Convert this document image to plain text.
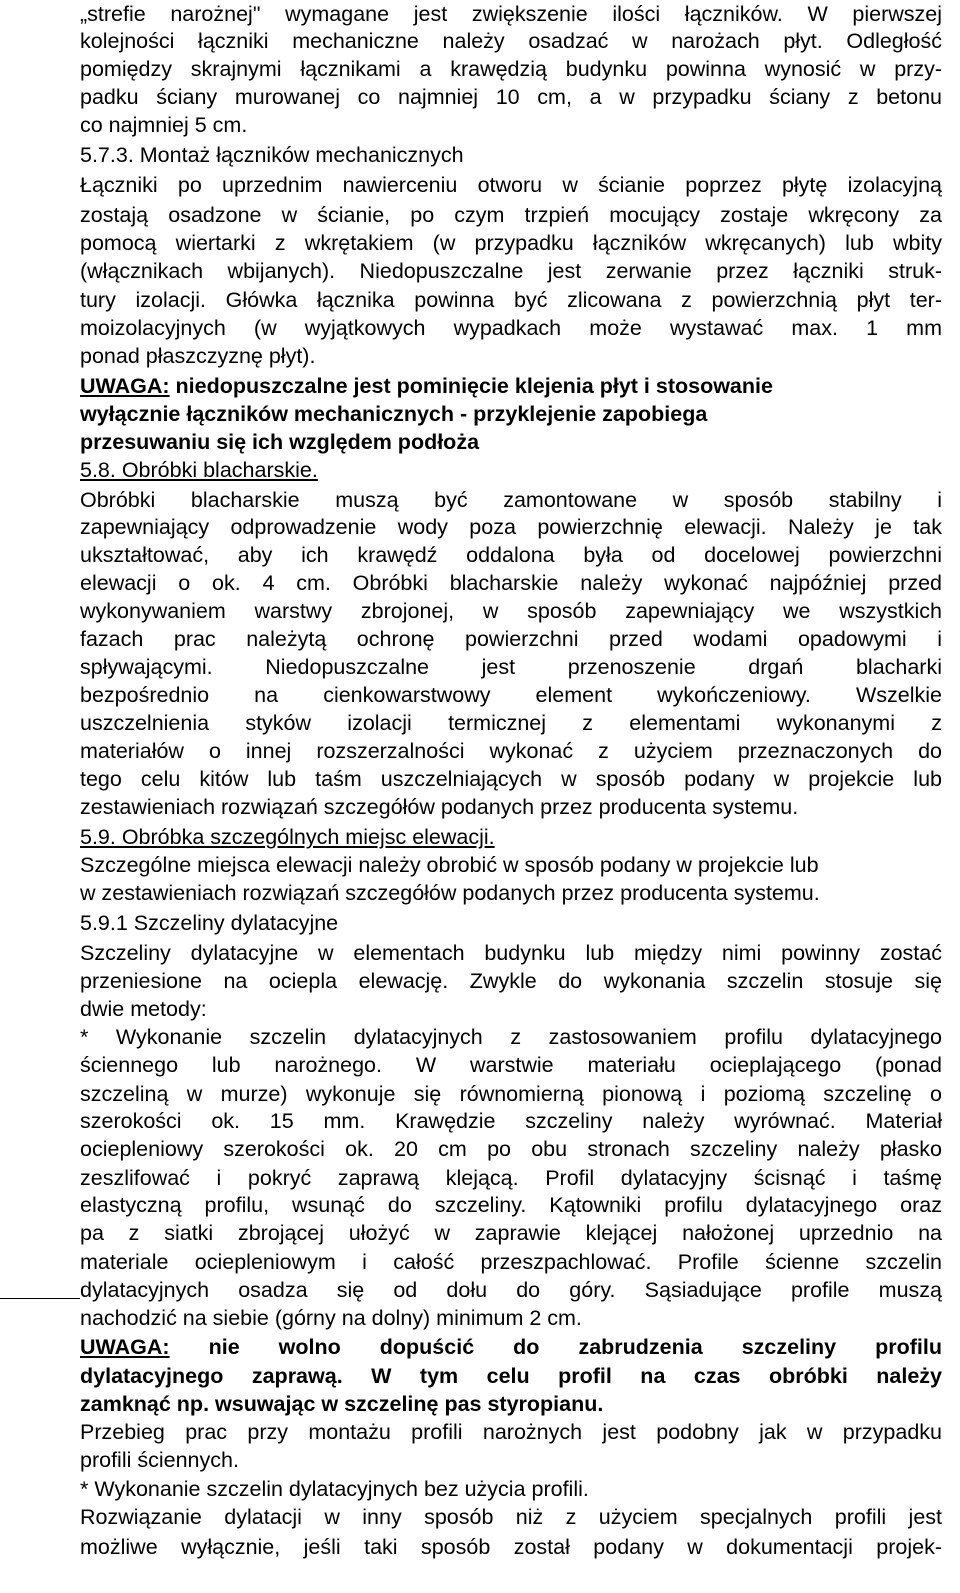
„strefie narożnej" wymagane jest zwiększenie ilości łączników. W pierwszej
kolejności łączniki mechaniczne należy osadzać w narożach płyt. Odległość
pomiędzy skrajnymi łącznikami a krawędzią budynku powinna wynosić w przy-
padku ściany murowanej co najmniej 10 cm, a w przypadku ściany z betonu
co najmniej 5 cm.
5.7.3. Montaż łączników mechanicznych
Łączniki po uprzednim nawierceniu otworu w ścianie poprzez płytę izolacyjną
zostają osadzone w ścianie, po czym trzpień mocujący zostaje wkręcony za
pomocą wiertarki z wkrętakiem (w przypadku łączników wkręcanych) lub wbity
(włącznikach wbijanych). Niedopuszczalne jest zerwanie przez łączniki struk-
tury izolacji. Główka łącznika powinna być zlicowana z powierzchnią płyt ter-
moizolacyjnych (w wyjątkowych wypadkach może wystawać max. 1 mm
ponad płaszczyznę płyt).
UWAGA: niedopuszczalne jest pominięcie klejenia płyt i stosowanie
wyłącznie łączników mechanicznych - przyklejenie zapobiega
przesuwaniu się ich względem podłoża
5.8. Obróbki blacharskie.
Obróbki blacharskie muszą być zamontowane w sposób stabilny i
zapewniający odprowadzenie wody poza powierzchnię elewacji. Należy je tak
ukształtować, aby ich krawędź oddalona była od docelowej powierzchni
elewacji o ok. 4 cm. Obróbki blacharskie należy wykonać najpóźniej przed
wykonywaniem warstwy zbrojonej, w sposób zapewniający we wszystkich
fazach prac należytą ochronę powierzchni przed wodami opadowymi i
spływającymi. Niedopuszczalne jest przenoszenie drgań blacharki
bezpośrednio na cienkowarstwowy element wykończeniowy. Wszelkie
uszczelnienia styków izolacji termicznej z elementami wykonanymi z
materiałów o innej rozszerzalności wykonać z użyciem przeznaczonych do
tego celu kitów lub taśm uszczelniających w sposób podany w projekcie lub
zestawieniach rozwiązań szczegółów podanych przez producenta systemu.
5.9. Obróbka szczególnych miejsc elewacji.
Szczególne miejsca elewacji należy obrobić w sposób podany w projekcie lub
w zestawieniach rozwiązań szczegółów podanych przez producenta systemu.
5.9.1 Szczeliny dylatacyjne
Szczeliny dylatacyjne w elementach budynku lub między nimi powinny zostać
przeniesione na ocieplа elewację. Zwykle do wykonania szczelin stosuje się
dwie metody:
* Wykonanie szczelin dylatacyjnych z zastosowaniem profilu dylatacyjnego
ściennego lub narożnego. W warstwie materiału ocieplającego (ponad
szczeliną w murze) wykonuje się równomierną pionową i poziomą szczelinę o
szerokości ok. 15 mm. Krawędzie szczeliny należy wyrównać. Materiał
ociepleniowy szerokości ok. 20 cm po obu stronach szczeliny należy płasko
zeszlifować i pokryć zaprawą klejącą. Profil dylatacyjny ścisnąć i taśmę
elastyczną profilu, wsunąć do szczeliny. Kątowniki profilu dylatacyjnego oraz
pa z siatki zbrojącej ułożyć w zaprawie klejącej nałożonej uprzednio na
materiale ociepleniowym i całość przeszpachlować. Profile ścienne szczelin
dylatacyjnych osadza się od dołu do góry. Sąsiadujące profile muszą
nachodzić na siebie (górny na dolny) minimum 2 cm.
UWAGA: nie wolno dopuścić do zabrudzenia szczeliny profilu
dylatacyjnego zaprawą. W tym celu profil na czas obróbki należy
zamknąć np. wsuwając w szczelinę pas styropianu.
Przebieg prac przy montażu profili narożnych jest podobny jak w przypadku
profili ściennych.
* Wykonanie szczelin dylatacyjnych bez użycia profili.
Rozwiązanie dylatacji w inny sposób niż z użyciem specjalnych profili jest
możliwe wyłącznie, jeśli taki sposób został podany w dokumentacji projek-
